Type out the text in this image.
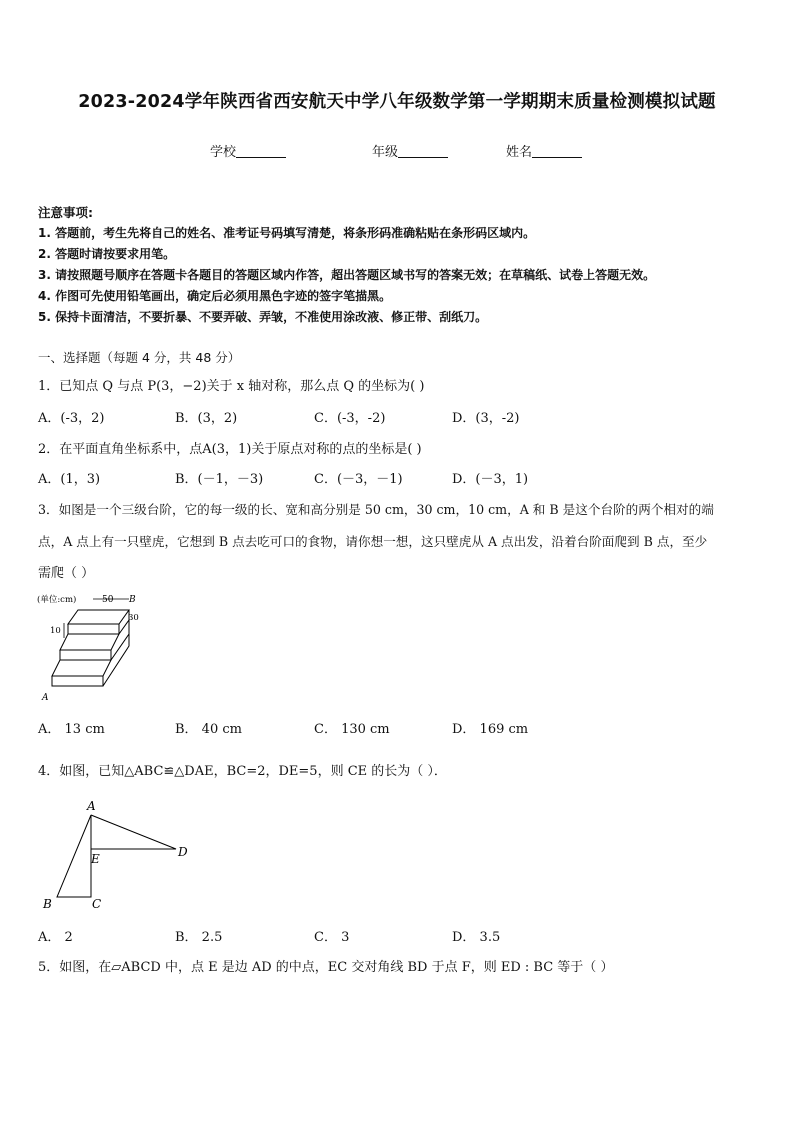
2023-2024学年陕西省西安航天中学八年级数学第一学期期末质量检测模拟试题
学校	年级	姓名
注意事项:
1. 答题前，考生先将自己的姓名、准考证号码填写清楚，将条形码准确粘贴在条形码区域内。
2. 答题时请按要求用笔。
3. 请按照题号顺序在答题卡各题目的答题区域内作答，超出答题区域书写的答案无效；在草稿纸、试卷上答题无效。
4. 作图可先使用铅笔画出，确定后必须用黑色字迹的签字笔描黑。
5. 保持卡面清洁，不要折暴、不要弄破、弄皱，不准使用涂改液、修正带、刮纸刀。
一、选择题（每题 4 分，共 48 分）
1．已知点 Q 与点 P(3，−2)关于 x 轴对称，那么点 Q 的坐标为( )
A．(-3，2)	B．(3，2)	C．(-3，-2)	D．(3，-2)
2．在平面直角坐标系中，点A(3，1)关于原点对称的点的坐标是( )
A．(1，3)	B．(－1，－3)	C．(－3，－1)	D．(－3，1)
3．如图是一个三级台阶，它的每一级的长、宽和高分别是 50 cm，30 cm，10 cm，A 和 B 是这个台阶的两个相对的端
点，A 点上有一只壁虎，它想到 B 点去吃可口的食物，请你想一想，这只壁虎从 A 点出发，沿着台阶面爬到 B 点，至少
需爬（ ）
(单位:cm)	50 B
30
10
A
A． 13 cm	B． 40 cm	C． 130 cm	D． 169 cm
4．如图，已知△ABC≌△DAE，BC=2，DE=5，则 CE 的长为（ ）．
A
B	C
D
E
A． 2	B． 2.5	C． 3	D． 3.5
5．如图，在▱ABCD 中，点 E 是边 AD 的中点，EC 交对角线 BD 于点 F，则 ED : BC 等于（ ）
